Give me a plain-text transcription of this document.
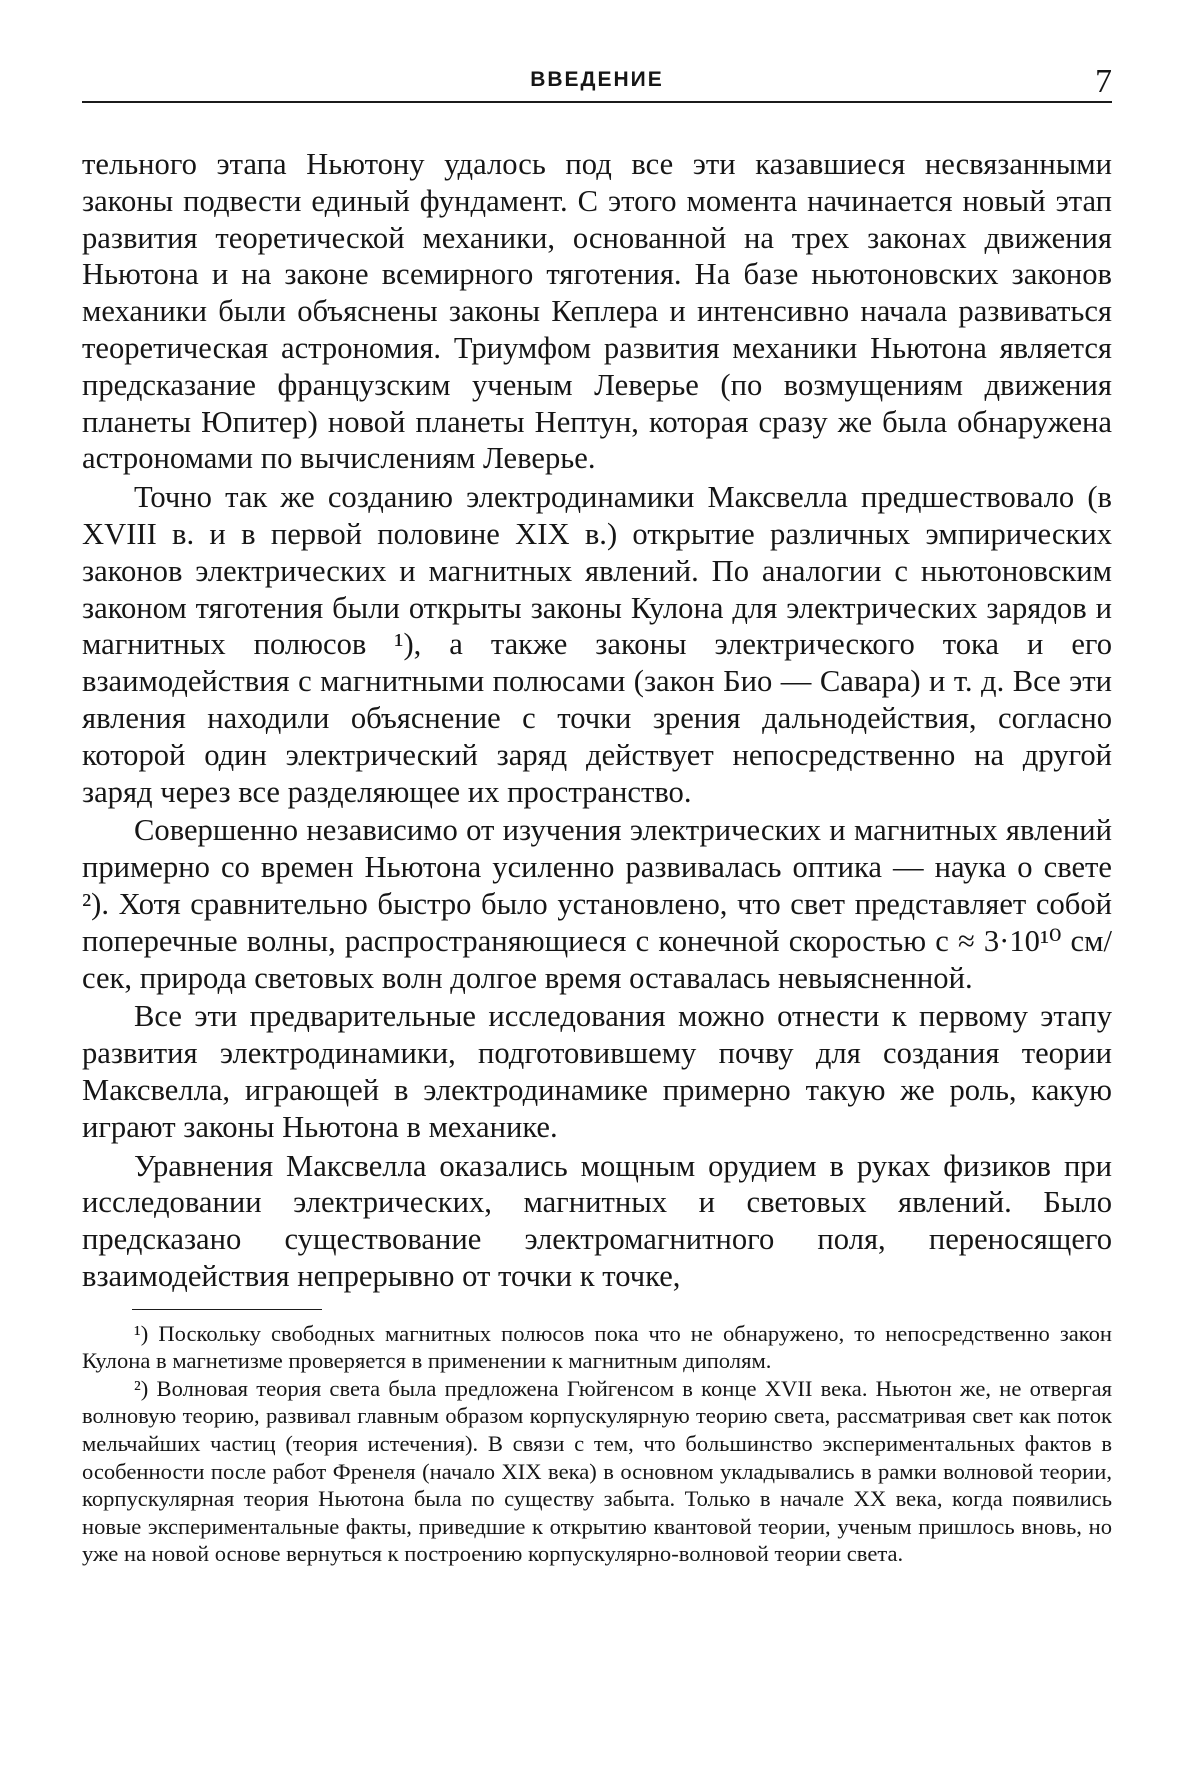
ВВЕДЕНИЕ	7

тельного этапа Ньютону удалось под все эти казавшиеся несвязанными законы подвести единый фундамент. С этого момента начинается новый этап развития теоретической механики, основанной на трех законах движения Ньютона и на законе всемирного тяготения. На базе ньютоновских законов механики были объяснены законы Кеплера и интенсивно начала развиваться теоретическая астрономия. Триумфом развития механики Ньютона является предсказание французским ученым Леверье (по возмущениям движения планеты Юпитер) новой планеты Нептун, которая сразу же была обнаружена астрономами по вычислениям Леверье.

Точно так же созданию электродинамики Максвелла предшествовало (в XVIII в. и в первой половине XIX в.) открытие различных эмпирических законов электрических и магнитных явлений. По аналогии с ньютоновским законом тяготения были открыты законы Кулона для электрических зарядов и магнитных полюсов ¹), а также законы электрического тока и его взаимодействия с магнитными полюсами (закон Био — Савара) и т. д. Все эти явления находили объяснение с точки зрения дальнодействия, согласно которой один электрический заряд действует непосредственно на другой заряд через все разделяющее их пространство.

Совершенно независимо от изучения электрических и магнитных явлений примерно со времен Ньютона усиленно развивалась оптика — наука о свете ²). Хотя сравнительно быстро было установлено, что свет представляет собой поперечные волны, распространяющиеся с конечной скоростью c ≈ 3·10¹⁰ см/сек, природа световых волн долгое время оставалась невыясненной.

Все эти предварительные исследования можно отнести к первому этапу развития электродинамики, подготовившему почву для создания теории Максвелла, играющей в электродинамике примерно такую же роль, какую играют законы Ньютона в механике.

Уравнения Максвелла оказались мощным орудием в руках физиков при исследовании электрических, магнитных и световых явлений. Было предсказано существование электромагнитного поля, переносящего взаимодействия непрерывно от точки к точке,

¹) Поскольку свободных магнитных полюсов пока что не обнаружено, то непосредственно закон Кулона в магнетизме проверяется в применении к магнитным диполям.

²) Волновая теория света была предложена Гюйгенсом в конце XVII века. Ньютон же, не отвергая волновую теорию, развивал главным образом корпускулярную теорию света, рассматривая свет как поток мельчайших частиц (теория истечения). В связи с тем, что большинство экспериментальных фактов в особенности после работ Френеля (начало XIX века) в основном укладывались в рамки волновой теории, корпускулярная теория Ньютона была по существу забыта. Только в начале XX века, когда появились новые экспериментальные факты, приведшие к открытию квантовой теории, ученым пришлось вновь, но уже на новой основе вернуться к построению корпускулярно-волновой теории света.
